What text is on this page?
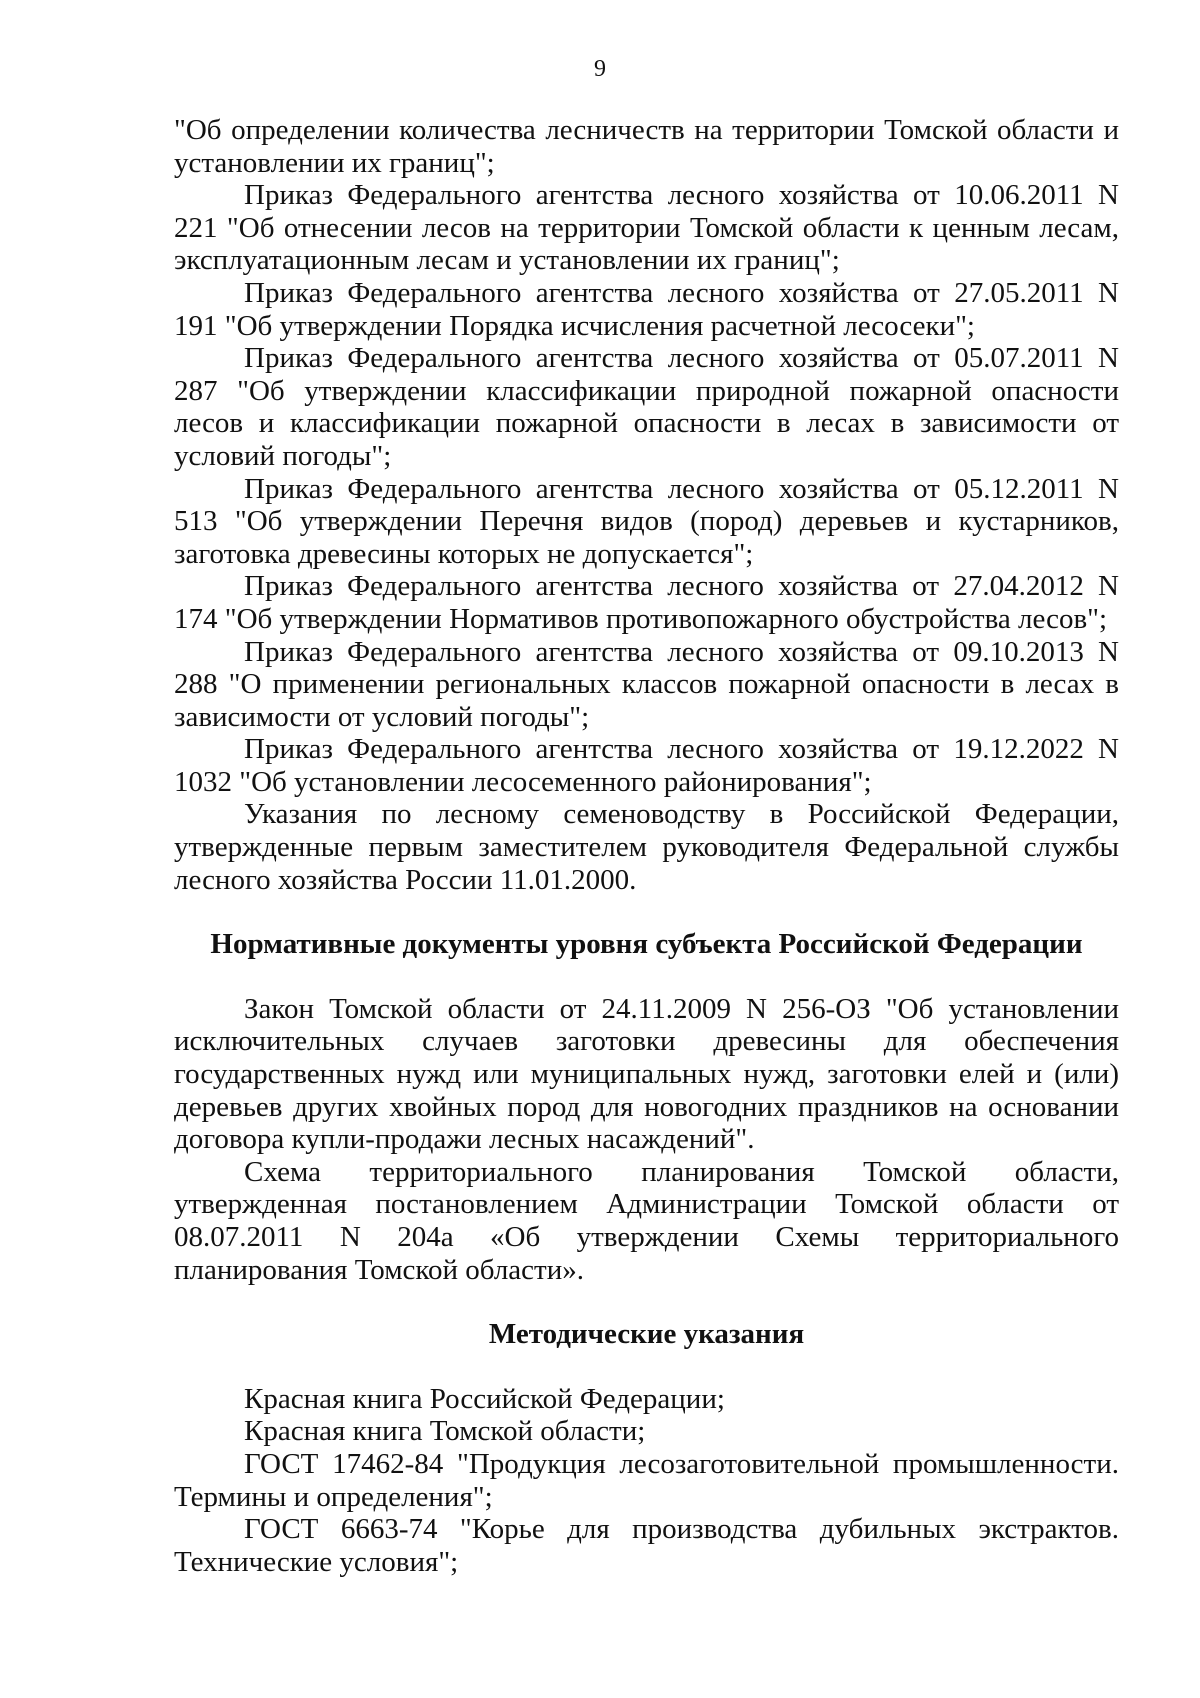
9

"Об определении количества лесничеств на территории Томской области и установлении их границ";

Приказ Федерального агентства лесного хозяйства от 10.06.2011 N 221 "Об отнесении лесов на территории Томской области к ценным лесам, эксплуатационным лесам и установлении их границ";

Приказ Федерального агентства лесного хозяйства от 27.05.2011 N 191 "Об утверждении Порядка исчисления расчетной лесосеки";

Приказ Федерального агентства лесного хозяйства от 05.07.2011 N 287 "Об утверждении классификации природной пожарной опасности лесов и классификации пожарной опасности в лесах в зависимости от условий погоды";

Приказ Федерального агентства лесного хозяйства от 05.12.2011 N 513 "Об утверждении Перечня видов (пород) деревьев и кустарников, заготовка древесины которых не допускается";

Приказ Федерального агентства лесного хозяйства от 27.04.2012 N 174 "Об утверждении Нормативов противопожарного обустройства лесов";

Приказ Федерального агентства лесного хозяйства от 09.10.2013 N 288 "О применении региональных классов пожарной опасности в лесах в зависимости от условий погоды";

Приказ Федерального агентства лесного хозяйства от 19.12.2022 N 1032 "Об установлении лесосеменного районирования";

Указания по лесному семеноводству в Российской Федерации, утвержденные первым заместителем руководителя Федеральной службы лесного хозяйства России 11.01.2000.

Нормативные документы уровня субъекта Российской Федерации

Закон Томской области от 24.11.2009 N 256-ОЗ "Об установлении исключительных случаев заготовки древесины для обеспечения государственных нужд или муниципальных нужд, заготовки елей и (или) деревьев других хвойных пород для новогодних праздников на основании договора купли-продажи лесных насаждений".

Схема территориального планирования Томской области, утвержденная постановлением Администрации Томской области от 08.07.2011 N 204а «Об утверждении Схемы территориального планирования Томской области».

Методические указания

Красная книга Российской Федерации;

Красная книга Томской области;

ГОСТ 17462-84 "Продукция лесозаготовительной промышленности. Термины и определения";

ГОСТ 6663-74 "Корье для производства дубильных экстрактов. Технические условия";
